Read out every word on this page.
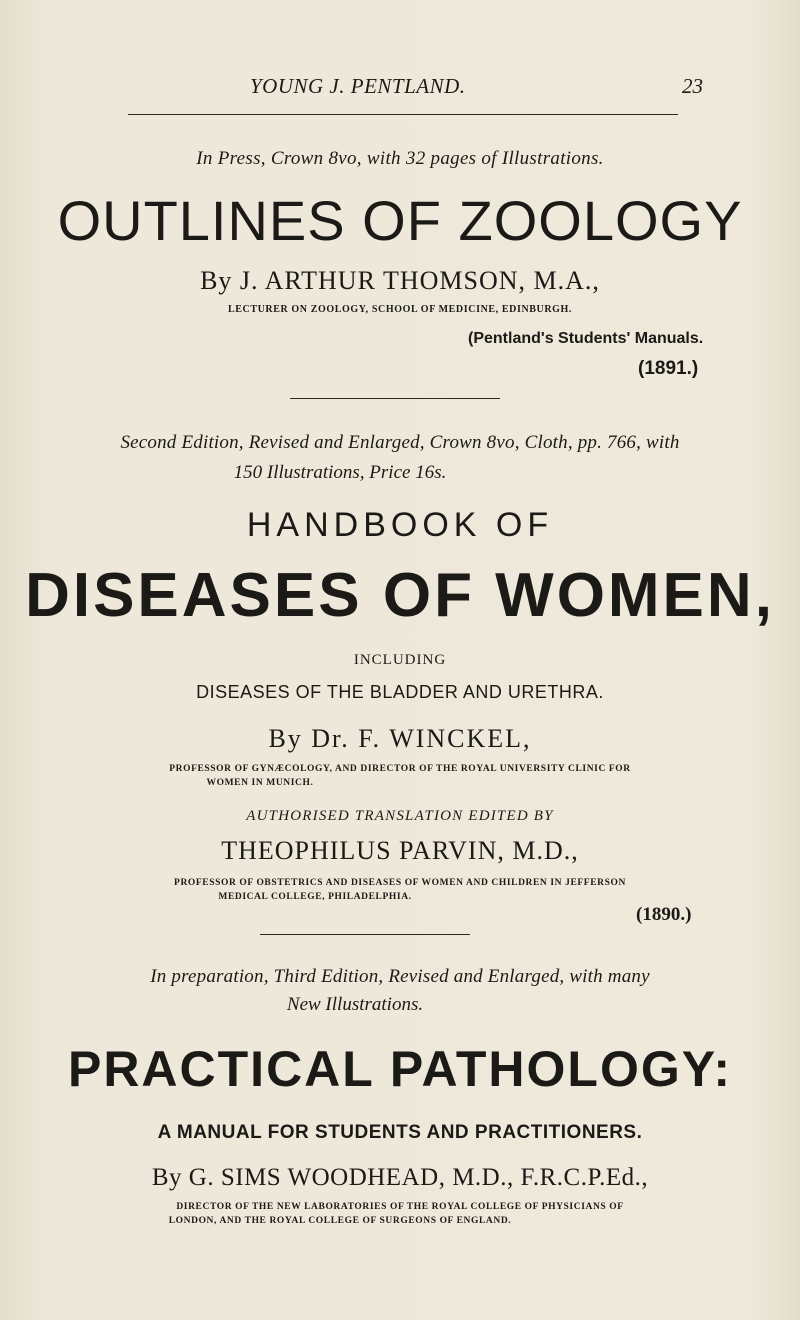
YOUNG J. PENTLAND.	23
In Press, Crown 8vo, with 32 pages of Illustrations.
OUTLINES OF ZOOLOGY
By J. ARTHUR THOMSON, M.A.,
LECTURER ON ZOOLOGY, SCHOOL OF MEDICINE, EDINBURGH.
(Pentland's Students' Manuals.
(1891.)
Second Edition, Revised and Enlarged, Crown 8vo, Cloth, pp. 766, with
150 Illustrations, Price 16s.
HANDBOOK OF
DISEASES OF WOMEN,
INCLUDING
DISEASES OF THE BLADDER AND URETHRA.
By Dr. F. WINCKEL,
PROFESSOR OF GYNÆCOLOGY, AND DIRECTOR OF THE ROYAL UNIVERSITY CLINIC FOR
WOMEN IN MUNICH.
AUTHORISED TRANSLATION EDITED BY
THEOPHILUS PARVIN, M.D.,
PROFESSOR OF OBSTETRICS AND DISEASES OF WOMEN AND CHILDREN IN JEFFERSON
MEDICAL COLLEGE, PHILADELPHIA.
(1890.)
In preparation, Third Edition, Revised and Enlarged, with many
New Illustrations.
PRACTICAL PATHOLOGY:
A MANUAL FOR STUDENTS AND PRACTITIONERS.
By G. SIMS WOODHEAD, M.D., F.R.C.P.Ed.,
DIRECTOR OF THE NEW LABORATORIES OF THE ROYAL COLLEGE OF PHYSICIANS OF
LONDON, AND THE ROYAL COLLEGE OF SURGEONS OF ENGLAND.
